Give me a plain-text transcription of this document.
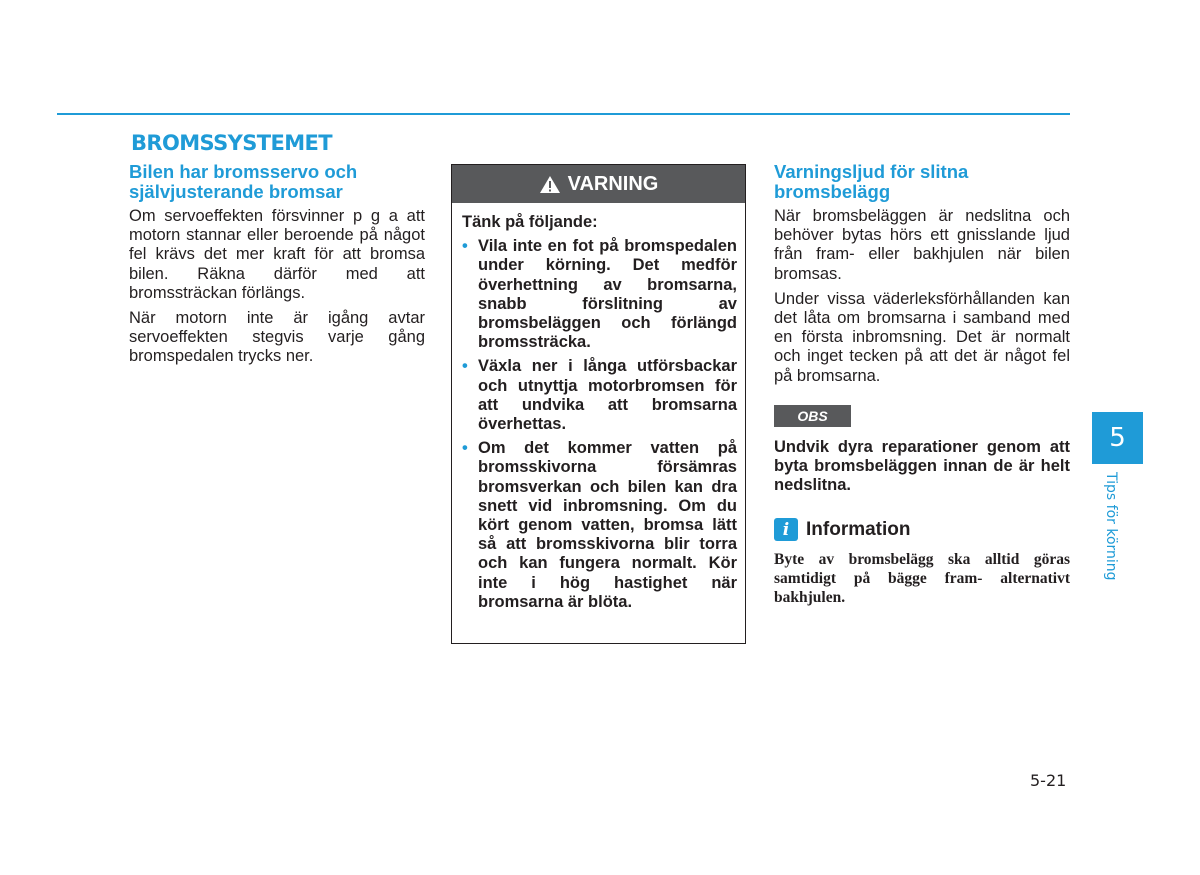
BROMSSYSTEMET
Bilen har bromsservo och självjusterande bromsar

Om servoeffekten försvinner p g a att motorn stannar eller beroende på något fel krävs det mer kraft för att bromsa bilen. Räkna därför med att bromssträckan förlängs.

När motorn inte är igång avtar servoeffekten stegvis varje gång bromspedalen trycks ner.

VARNING

Tänk på följande:

• Vila inte en fot på bromspedalen under körning. Det medför överhettning av bromsarna, snabb förslitning av bromsbeläggen och förlängd bromssträcka.
• Växla ner i långa utförsbackar och utnyttja motorbromsen för att undvika att bromsarna överhettas.
• Om det kommer vatten på bromsskivorna försämras bromsverkan och bilen kan dra snett vid inbromsning. Om du kört genom vatten, bromsa lätt så att bromsskivorna blir torra och kan fungera normalt. Kör inte i hög hastighet när bromsarna är blöta.
Varningsljud för slitna bromsbelägg

När bromsbeläggen är nedslitna och behöver bytas hörs ett gnisslande ljud från fram- eller bakhjulen när bilen bromsas.

Under vissa väderleksförhållanden kan det låta om bromsarna i samband med en första inbromsning. Det är normalt och inget tecken på att det är något fel på bromsarna.

OBS

Undvik dyra reparationer genom att byta bromsbeläggen innan de är helt nedslitna.

i Information

Byte av bromsbelägg ska alltid göras samtidigt på bägge fram- alternativt bakhjulen.

5
Tips för körning
5-21
